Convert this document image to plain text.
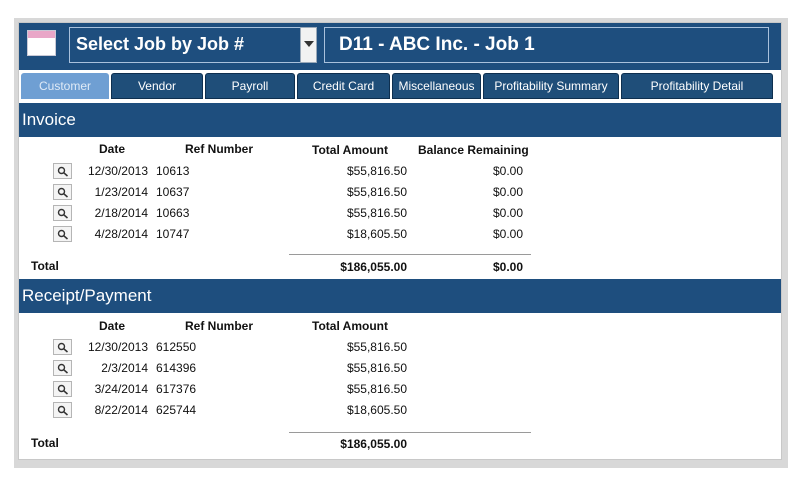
Select Job by Job #	D11 - ABC Inc. - Job 1
Customer	Vendor	Payroll	Credit Card	Miscellaneous	Profitability Summary	Profitability Detail
Invoice
Date	Ref Number	Total Amount	Balance Remaining
12/30/2013 10613	$55,816.50	$0.00
1/23/2014 10637	$55,816.50	$0.00
2/18/2014 10663	$55,816.50	$0.00
4/28/2014 10747	$18,605.50	$0.00
Total	$186,055.00	$0.00
Receipt/Payment
Date	Ref Number	Total Amount
12/30/2013 612550	$55,816.50
2/3/2014 614396	$55,816.50
3/24/2014 617376	$55,816.50
8/22/2014 625744	$18,605.50
Total	$186,055.00
